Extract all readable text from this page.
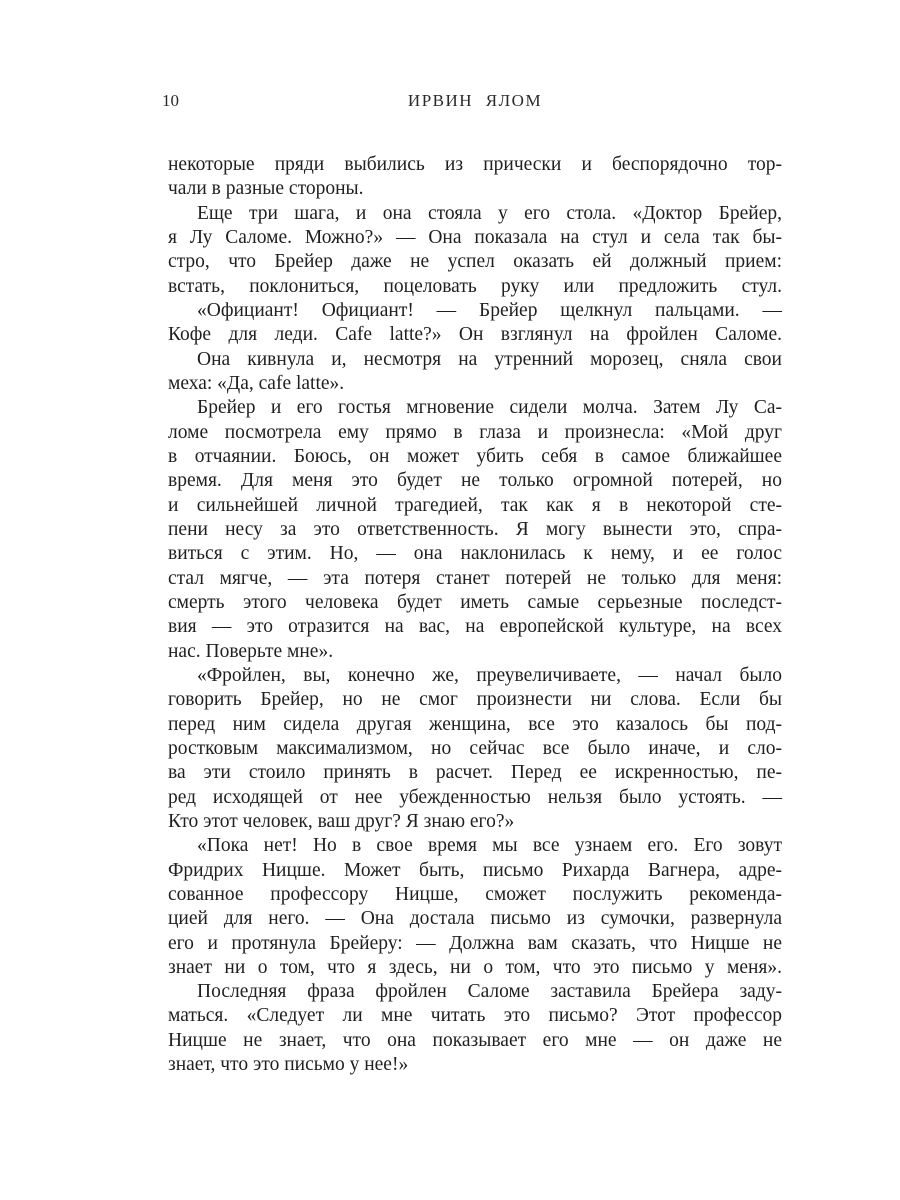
10	ИРВИН ЯЛОМ
некоторые пряди выбились из прически и беспорядочно тор-
чали в разные стороны.
Еще три шага, и она стояла у его стола. «Доктор Брейер,
я Лу Саломе. Можно?» — Она показала на стул и села так бы-
стро, что Брейер даже не успел оказать ей должный прием:
встать, поклониться, поцеловать руку или предложить стул.
«Официант! Официант! — Брейер щелкнул пальцами. —
Кофе для леди. Cafe latte?» Он взглянул на фройлен Саломе.
Она кивнула и, несмотря на утренний морозец, сняла свои
меха: «Да, cafe latte».
Брейер и его гостья мгновение сидели молча. Затем Лу Са-
ломе посмотрела ему прямо в глаза и произнесла: «Мой друг
в отчаянии. Боюсь, он может убить себя в самое ближайшее
время. Для меня это будет не только огромной потерей, но
и сильнейшей личной трагедией, так как я в некоторой сте-
пени несу за это ответственность. Я могу вынести это, спра-
виться с этим. Но, — она наклонилась к нему, и ее голос
стал мягче, — эта потеря станет потерей не только для меня:
смерть этого человека будет иметь самые серьезные последст-
вия — это отразится на вас, на европейской культуре, на всех
нас. Поверьте мне».
«Фройлен, вы, конечно же, преувеличиваете, — начал было
говорить Брейер, но не смог произнести ни слова. Если бы
перед ним сидела другая женщина, все это казалось бы под-
ростковым максимализмом, но сейчас все было иначе, и сло-
ва эти стоило принять в расчет. Перед ее искренностью, пе-
ред исходящей от нее убежденностью нельзя было устоять. —
Кто этот человек, ваш друг? Я знаю его?»
«Пока нет! Но в свое время мы все узнаем его. Его зовут
Фридрих Ницше. Может быть, письмо Рихарда Вагнера, адре-
сованное профессору Ницше, сможет послужить рекоменда-
цией для него. — Она достала письмо из сумочки, развернула
его и протянула Брейеру: — Должна вам сказать, что Ницше не
знает ни о том, что я здесь, ни о том, что это письмо у меня».
Последняя фраза фройлен Саломе заставила Брейера заду-
маться. «Следует ли мне читать это письмо? Этот профессор
Ницше не знает, что она показывает его мне — он даже не
знает, что это письмо у нее!»
